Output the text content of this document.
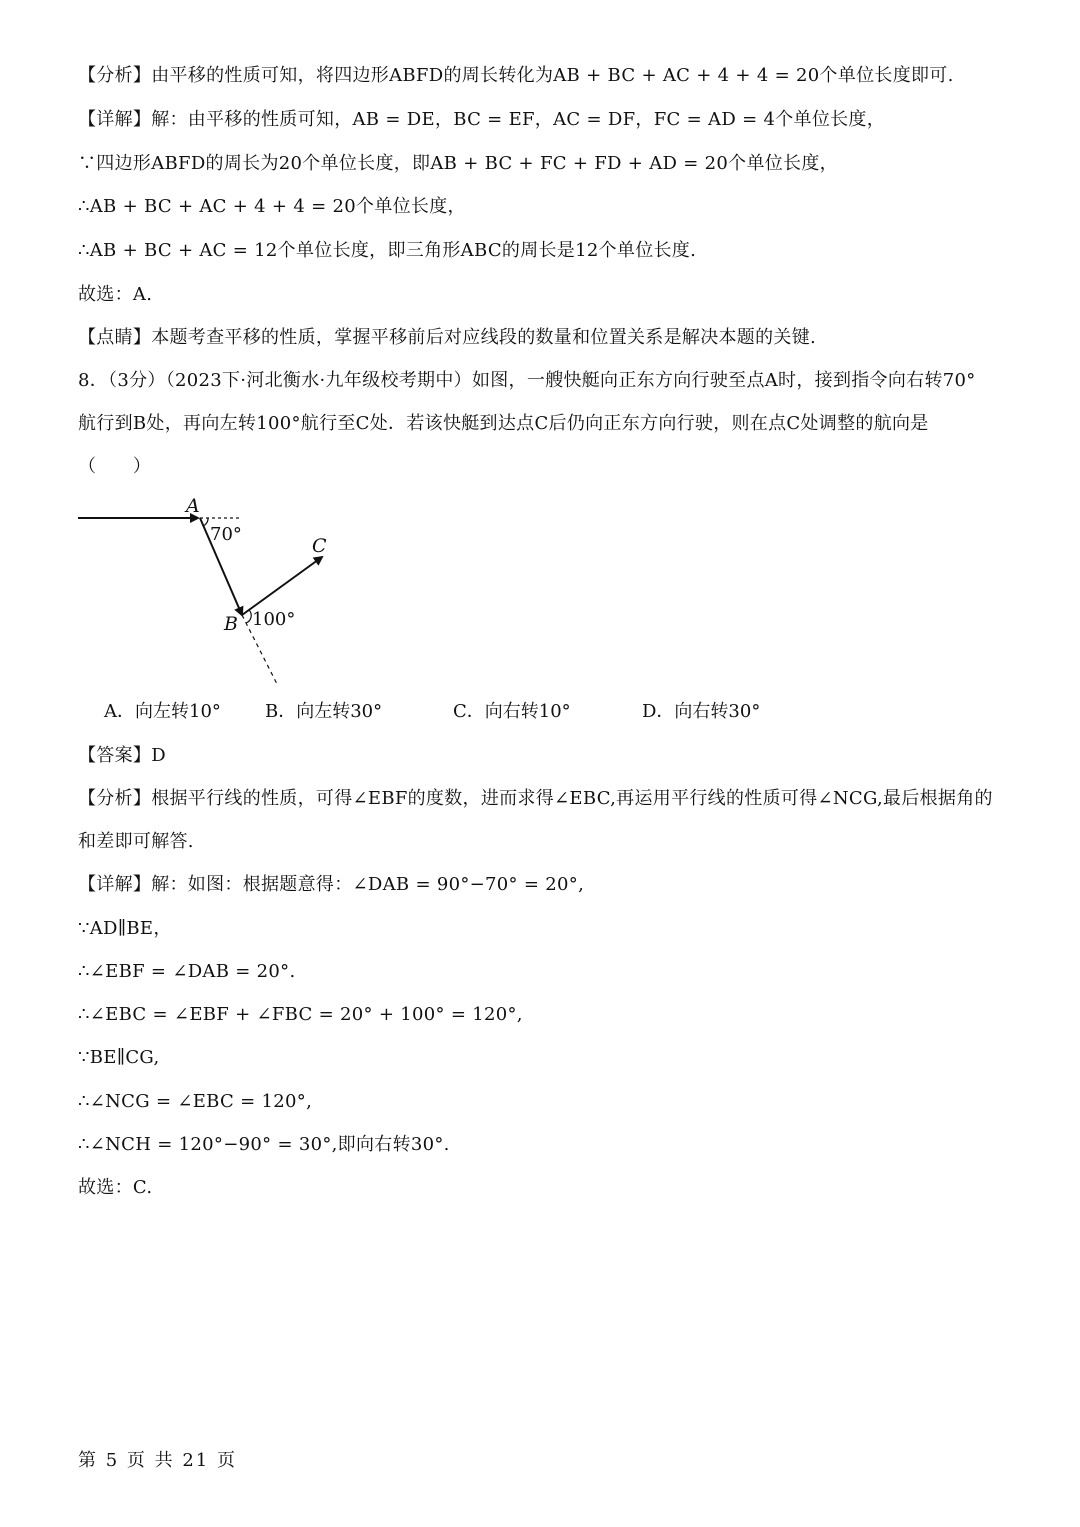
【分析】由平移的性质可知，将四边形ABFD的周长转化为AB + BC + AC + 4 + 4 = 20个单位长度即可.
【详解】解：由平移的性质可知，AB = DE，BC = EF，AC = DF，FC = AD = 4个单位长度，
∵四边形ABFD的周长为20个单位长度，即AB + BC + FC + FD + AD = 20个单位长度，
∴AB + BC + AC + 4 + 4 = 20个单位长度，
∴AB + BC + AC = 12个单位长度，即三角形ABC的周长是12个单位长度.
故选：A.
【点睛】本题考查平移的性质，掌握平移前后对应线段的数量和位置关系是解决本题的关键.
8．（3分）（2023下·河北衡水·九年级校考期中）如图，一艘快艇向正东方向行驶至点A时，接到指令向右转70°
航行到B处，再向左转100°航行至C处．若该快艇到达点C后仍向正东方向行驶，则在点C处调整的航向是
（　　）
A
70°
C
B 100°
A．向左转10° B．向左转30°	C．向右转10°	D．向右转30°
【答案】D
【分析】根据平行线的性质，可得∠EBF的度数，进而求得∠EBC,再运用平行线的性质可得∠NCG,最后根据角的
和差即可解答.
【详解】解：如图：根据题意得：∠DAB = 90°−70° = 20°,
∵AD∥BE，
∴∠EBF = ∠DAB = 20°.
∴∠EBC = ∠EBF + ∠FBC = 20° + 100° = 120°,
∵BE∥CG,
∴∠NCG = ∠EBC = 120°,
∴∠NCH = 120°−90° = 30°,即向右转30°.
故选：C.
第 5 页 共 21 页
